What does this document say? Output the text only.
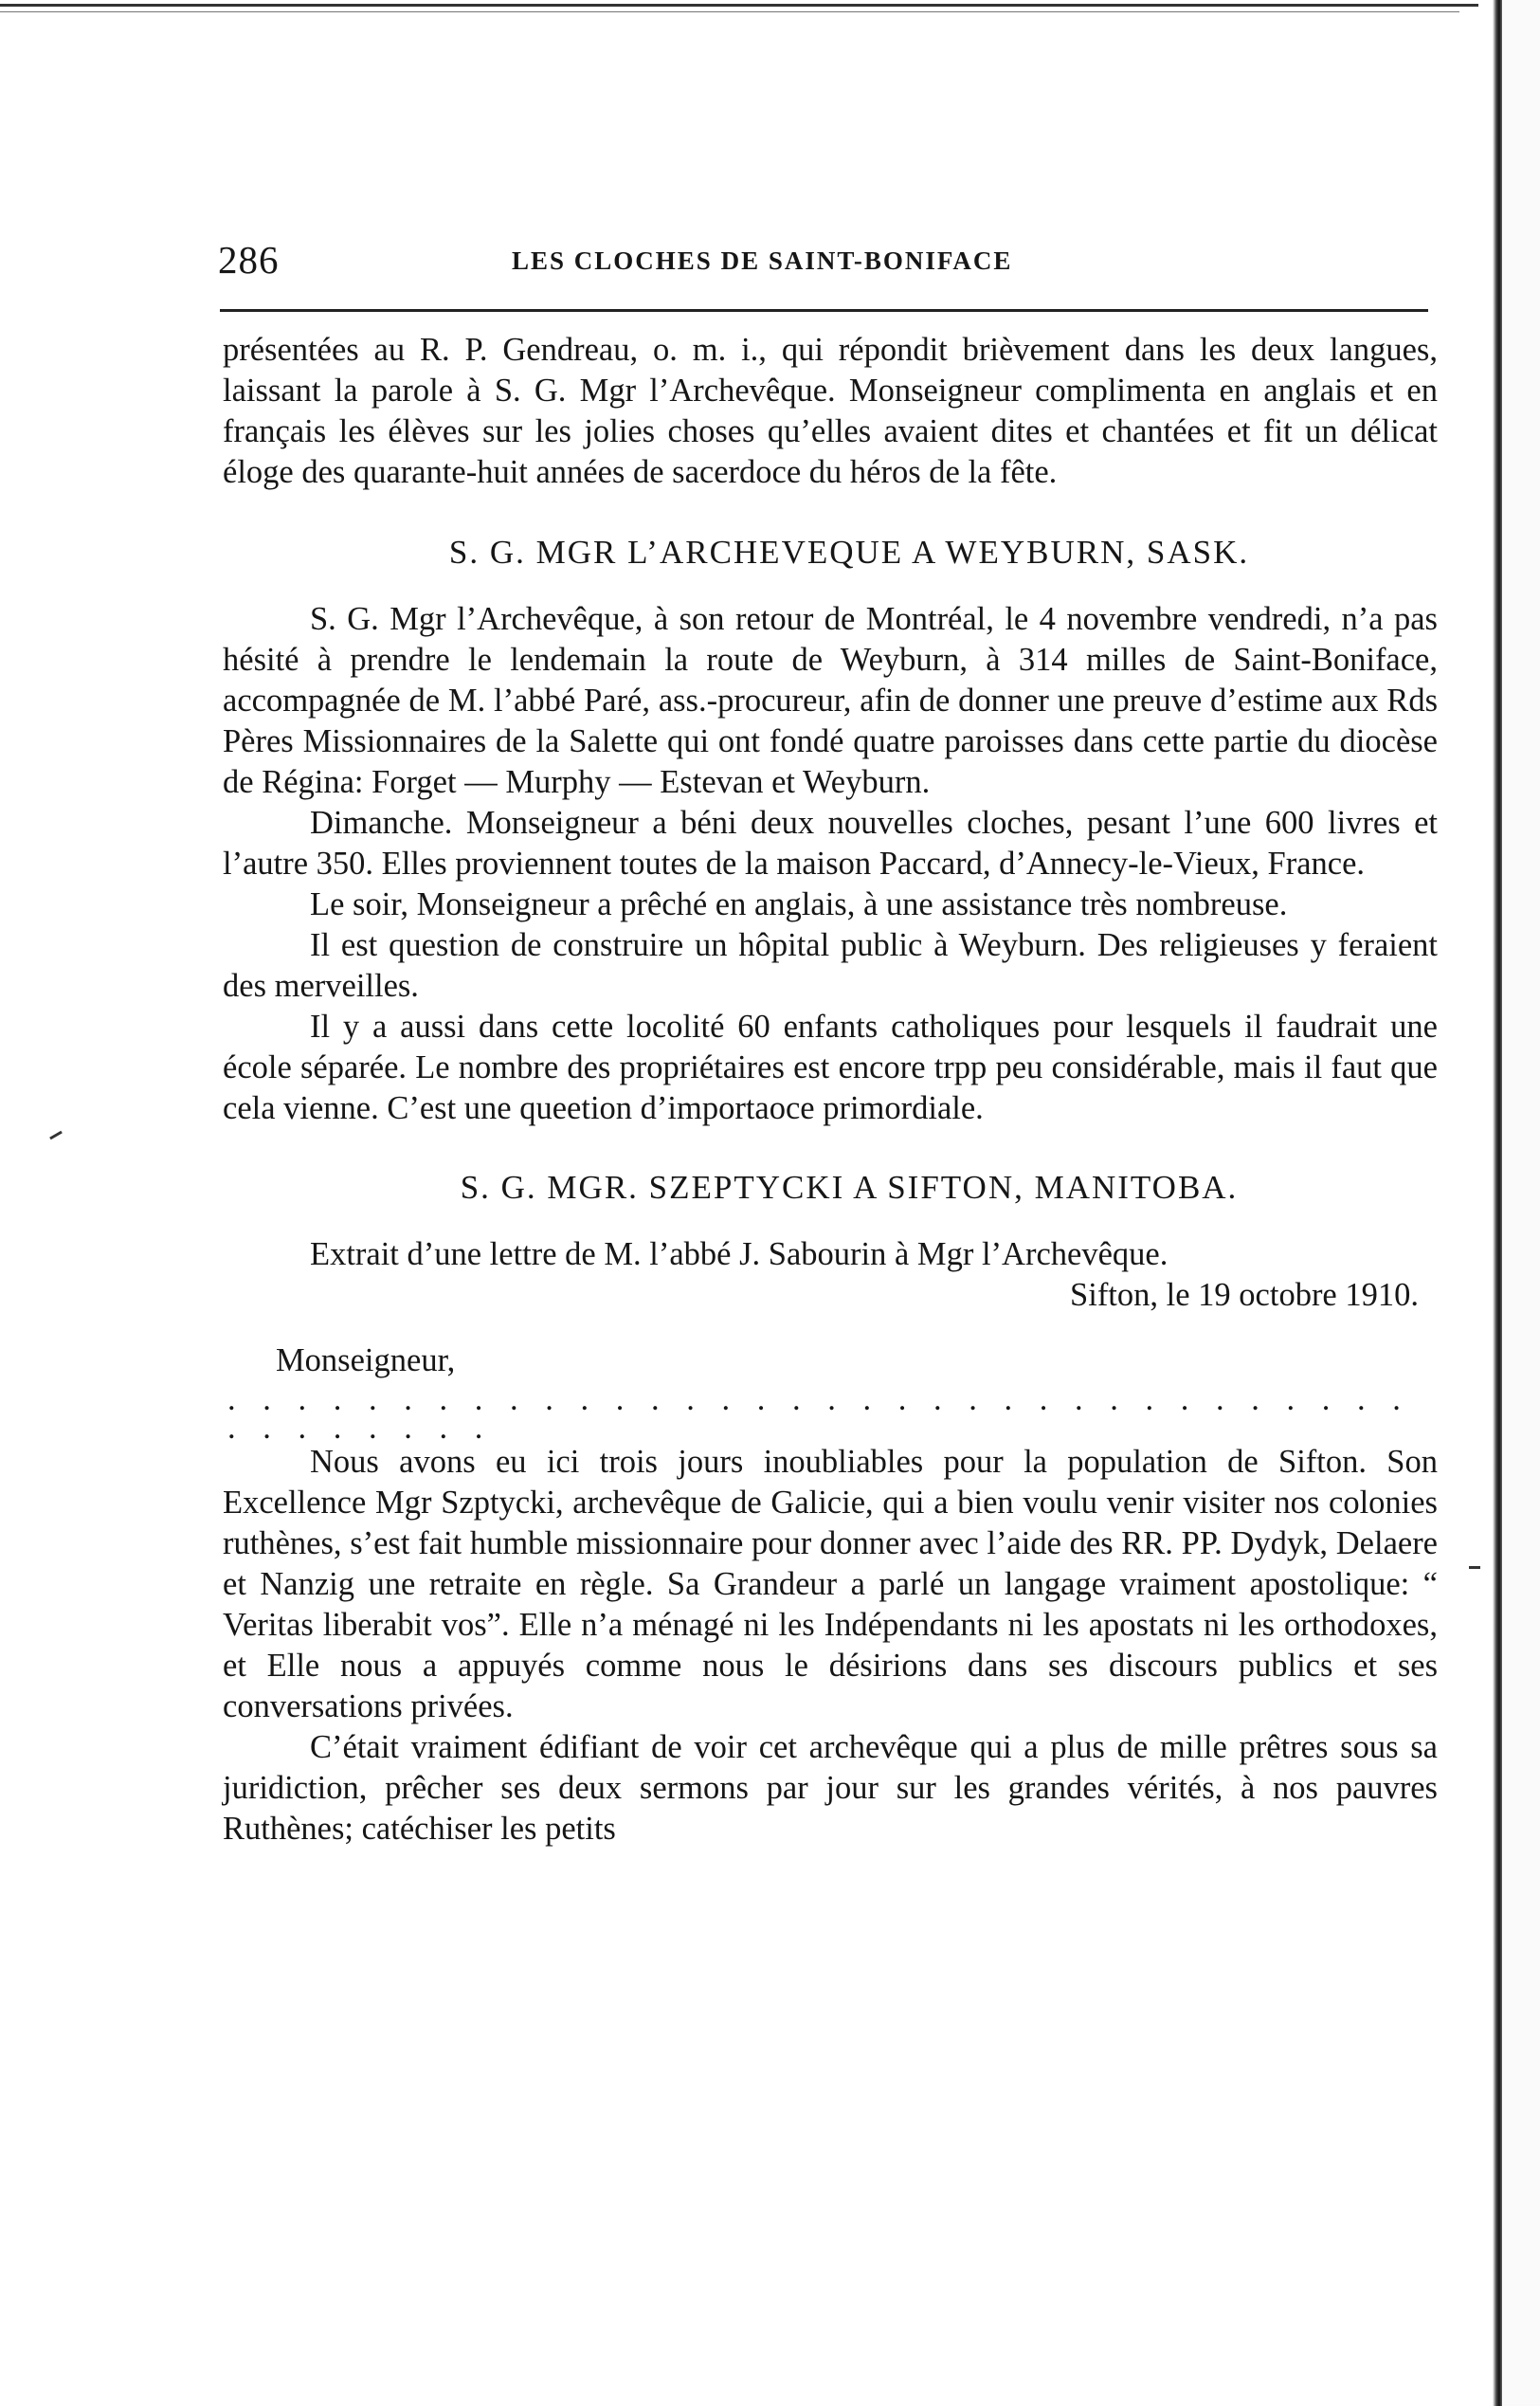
286	LES CLOCHES DE SAINT-BONIFACE

présentées au R. P. Gendreau, o. m. i., qui répondit brièvement dans les deux langues, laissant la parole à S. G. Mgr l’Archevêque. Monseigneur complimenta en anglais et en français les élèves sur les jolies choses qu’elles avaient dites et chantées et fit un délicat éloge des quarante-huit années de sacerdoce du héros de la fête.

S. G. MGR L’ARCHEVEQUE A WEYBURN, SASK.

S. G. Mgr l’Archevêque, à son retour de Montréal, le 4 novembre vendredi, n’a pas hésité à prendre le lendemain la route de Weyburn, à 314 milles de Saint-Boniface, accompagnée de M. l’abbé Paré, ass.-procureur, afin de donner une preuve d’estime aux Rds Pères Missionnaires de la Salette qui ont fondé quatre paroisses dans cette partie du diocèse de Régina: Forget — Murphy — Estevan et Weyburn.

Dimanche. Monseigneur a béni deux nouvelles cloches, pesant l’une 600 livres et l’autre 350. Elles proviennent toutes de la maison Paccard, d’Annecy-le-Vieux, France.

Le soir, Monseigneur a prêché en anglais, à une assistance très nombreuse.

Il est question de construire un hôpital public à Weyburn. Des religieuses y feraient des merveilles.

Il y a aussi dans cette locolité 60 enfants catholiques pour lesquels il faudrait une école séparée. Le nombre des propriétaires est encore trpp peu considérable, mais il faut que cela vienne. C’est une queetion d’importaoce primordiale.

S. G. MGR. SZEPTYCKI A SIFTON, MANITOBA.
Extrait d’une lettre de M. l’abbé J. Sabourin à Mgr l’Archevêque.
Sifton, le 19 octobre 1910.
Monseigneur,
. . . . . . . . . . . . . . . . . . . . . . . . . . . . . . . . . . . . . . . . . .

Nous avons eu ici trois jours inoubliables pour la population de Sifton. Son Excellence Mgr Szptycki, archevêque de Galicie, qui a bien voulu venir visiter nos colonies ruthènes, s’est fait humble missionnaire pour donner avec l’aide des RR. PP. Dydyk, Delaere et Nanzig une retraite en règle. Sa Grandeur a parlé un langage vraiment apostolique: “ Veritas liberabit vos”. Elle n’a ménagé ni les Indépendants ni les apostats ni les orthodoxes, et Elle nous a appuyés comme nous le désirions dans ses discours publics et ses conversations privées.

C’était vraiment édifiant de voir cet archevêque qui a plus de mille prêtres sous sa juridiction, prêcher ses deux sermons par jour sur les grandes vérités, à nos pauvres Ruthènes; catéchiser les petits
